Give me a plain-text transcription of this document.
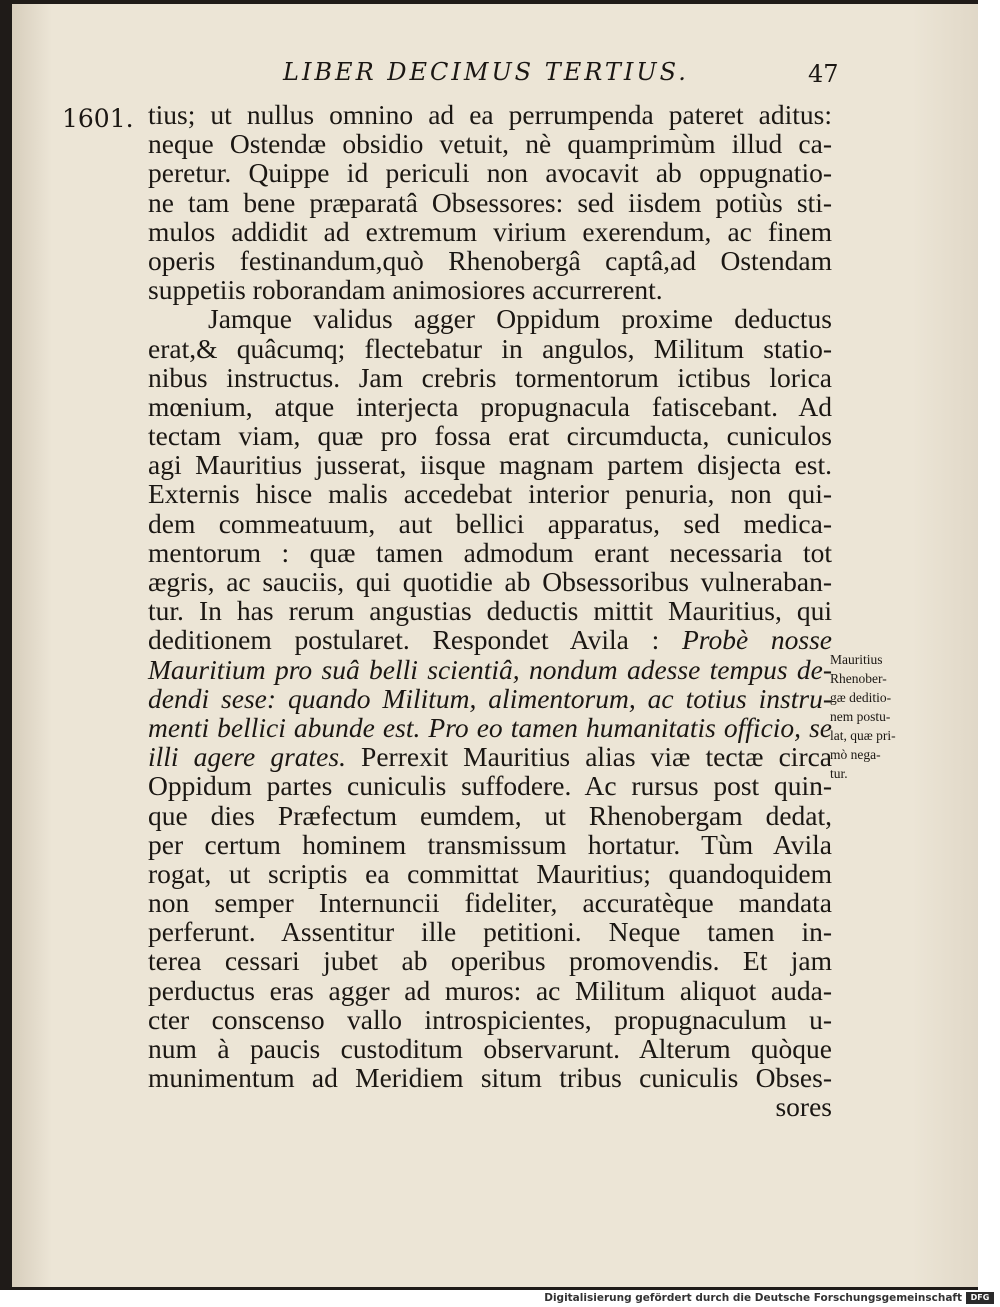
LIBER DECIMUS TERTIUS.	47
1601. tius; ut nullus omnino ad ea perrumpenda pateret aditus:
neque Ostendæ obsidio vetuit, nè quamprimùm illud ca-
peretur. Quippe id periculi non avocavit ab oppugnatio-
ne tam bene præparatâ Obsessores: sed iisdem potiùs sti-
mulos addidit ad extremum virium exerendum, ac finem
operis festinandum,quò Rhenobergâ captâ,ad Ostendam
suppetiis roborandam animosiores accurrerent.
Jamque validus agger Oppidum proxime deductus
erat,& quâcumq; flectebatur in angulos, Militum statio-
nibus instructus. Jam crebris tormentorum ictibus lorica
mœnium, atque interjecta propugnacula fatiscebant. Ad
tectam viam, quæ pro fossa erat circumducta, cuniculos
agi Mauritius jusserat, iisque magnam partem disjecta est.
Externis hisce malis accedebat interior penuria, non qui-
dem commeatuum, aut bellici apparatus, sed medica-
mentorum : quæ tamen admodum erant necessaria tot
ægris, ac sauciis, qui quotidie ab Obsessoribus vulneraban-
tur. In has rerum angustias deductis mittit Mauritius, qui
deditionem postularet. Respondet Avila : Probè nosse
Mauritium pro suâ belli scientiâ, nondum adesse tempus de-
dendi sese: quando Militum, alimentorum, ac totius instru-
menti bellici abunde est. Pro eo tamen humanitatis officio, se
illi agere grates. Perrexit Mauritius alias viæ tectæ circa
Oppidum partes cuniculis suffodere. Ac rursus post quin-
que dies Præfectum eumdem, ut Rhenobergam dedat,
per certum hominem transmissum hortatur. Tùm Avila
rogat, ut scriptis ea committat Mauritius; quandoquidem
non semper Internuncii fideliter, accuratèque mandata
perferunt. Assentitur ille petitioni. Neque tamen in-
terea cessari jubet ab operibus promovendis. Et jam
perductus eras agger ad muros: ac Militum aliquot auda-
cter conscenso vallo introspicientes, propugnaculum u-
num à paucis custoditum observarunt. Alterum quòque
munimentum ad Meridiem situm tribus cuniculis Obses-
sores
Mauritius
Rhenober-
gæ deditio-
nem postu-
lat, quæ pri-
mò nega-
tur.
Digitalisierung gefördert durch die Deutsche Forschungsgemeinschaft	DFG
